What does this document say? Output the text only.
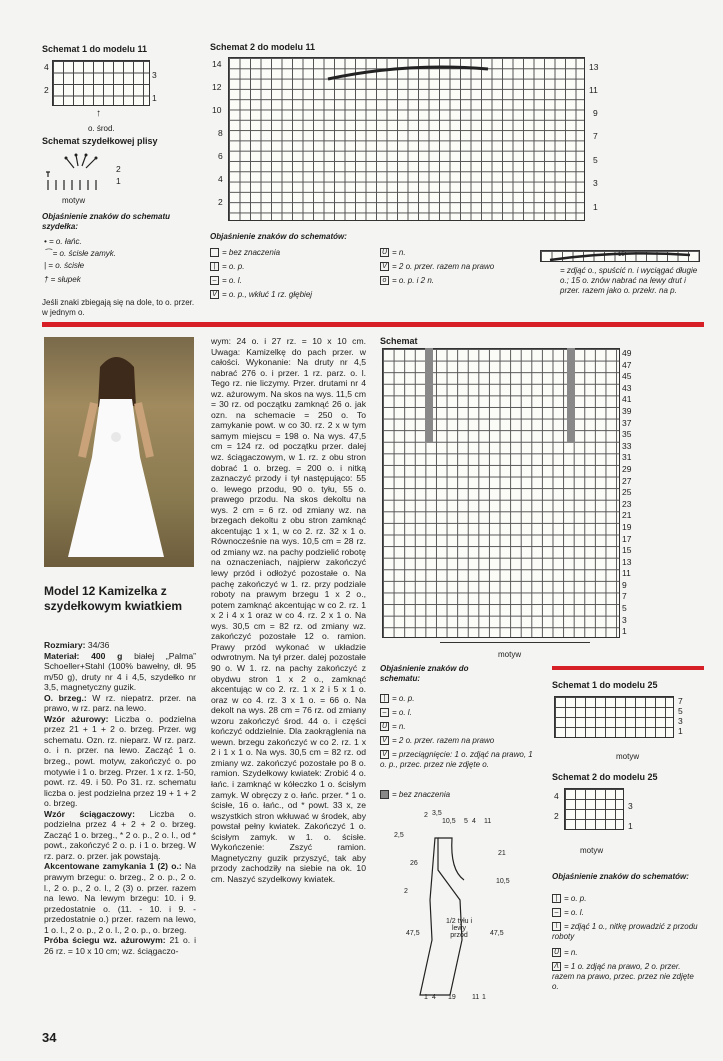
Schemat 1 do modelu 11
4
2
3
1
↑
o. środ.
Schemat szydełkowej plisy
2
1
motyw
Objaśnienie znaków do schematu szydełka:
• = o. łańc.
⁀ = o. ścisłe zamyk.
| = o. ścisłe
† = słupek
Jeśli znaki zbiegają się na dole, to o. przer. w jednym o.
Schemat 2 do modelu 11
14
12
10
8
6
4
2
13
11
9
7
5
3
1
Objaśnienie znaków do schematów:
= bez znaczenia
| = o. p.
– = o. l.
V = o. p., wkłuć 1 rz. głębiej
U = n.
V = 2 o. przer. razem na prawo
o = o. p. i 2 n.
15
= zdjąć o., spuścić n. i wyciągać długie o.; 15 o. znów nabrać na lewy drut i przer. razem jako o. przekr. na p.
Model 12 Kamizelka z szydełkowym kwiatkiem

Rozmiary: 34/36

Materiał: 400 g białej „Palma” Schoeller+Stahl (100% bawełny, dł. 95 m/50 g), druty nr 4 i 4,5, szydełko nr 3,5, magnetyczny guzik.

O. brzeg.: W rz. niepatrz. przer. na prawo, w rz. parz. na lewo.

Wzór ażurowy: Liczba o. podzielna przez 21 + 1 + 2 o. brzeg. Przer. wg schematu. Ozn. rz. nieparz. W rz. parz. o. i n. przer. na lewo. Zacząć 1 o. brzeg., powt. motyw, zakończyć o. po motywie i 1 o. brzeg. Przer. 1 x rz. 1-50, powt. rz. 49. i 50. Po 31. rz. schematu liczba o. jest podzielna przez 19 + 1 + 2 o. brzeg.

Wzór ściągaczowy: Liczba o. podzielna przez 4 + 2 + 2 o. brzeg. Zacząć 1 o. brzeg., * 2 o. p., 2 o. l., od * powt., zakończyć 2 o. p. i 1 o. brzeg. W rz. parz. o. przer. jak powstają.

Akcentowane zamykania 1 (2) o.: Na prawym brzegu: o. brzeg., 2 o. p., 2 o. l., 2 o. p., 2 o. l., 2 (3) o. przer. razem na lewo. Na lewym brzegu: 10. i 9. przedostatnie o. (11. - 10. i 9. - przedostatnie o.) przer. razem na lewo, 1 o. l., 2 o. p., 2 o. l., 2 o. p., o. brzeg.

Próba ściegu wz. ażurowym: 21 o. i 26 rz. = 10 x 10 cm; wz. ściągaczo-

wym: 24 o. i 27 rz. = 10 x 10 cm. Uwaga: Kamizelkę do pach przer. w całości. Wykonanie: Na druty nr 4,5 nabrać 276 o. i przer. 1 rz. parz. o. l. Tego rz. nie liczymy. Przer. drutami nr 4 wz. ażurowym. Na skos na wys. 11,5 cm = 30 rz. od początku zamknąć 26 o. jak ozn. na schemacie = 250 o. To zamykanie powt. w co 30. rz. 2 x w tym samym miejscu = 198 o. Na wys. 47,5 cm = 124 rz. od początku przer. dalej wz. ściągaczowym, w 1. rz. z obu stron dobrać 1 o. brzeg. = 200 o. i nitką zaznaczyć przody i tył następująco: 55 o. lewego przodu, 90 o. tyłu, 55 o. prawego przodu. Na skos dekoltu na wys. 2 cm = 6 rz. od zmiany wz. na brzegach dekoltu z obu stron zamknąć akcentując 1 x 1, w co 2. rz. 32 x 1 o. Równocześnie na wys. 10,5 cm = 28 rz. od zmiany wz. na pachy podzielić robotę na oznaczeniach, najpierw zakończyć lewy przód i odłożyć pozostałe o. Na pachę zakończyć w 1. rz. przy podziale roboty na prawym brzegu 1 x 2 o., potem zamknąć akcentując w co 2. rz. 1 x 2 i 4 x 1 oraz w co 4. rz. 2 x 1 o. Na wys. 30,5 cm = 82 rz. od zmiany wz. zakończyć pozostałe 12 o. ramion. Prawy przód wykonać w układzie odwrotnym. Na tył przer. dalej pozostałe 90 o. W 1. rz. na pachy zakończyć z obydwu stron 1 x 2 o., zamknąć akcentując w co 2. rz. 1 x 2 i 5 x 1 o. oraz w co 4. rz. 3 x 1 o. = 66 o. Na dekolt na wys. 28 cm = 76 rz. od zmiany wzoru zakończyć środ. 44 o. i części kończyć oddzielnie. Dla zaokrąglenia na wewn. brzegu zakończyć w co 2. rz. 1 x 2 i 1 x 1 o. Na wys. 30,5 cm = 82 rz. od zmiany wz. zakończyć pozostałe po 8 o. ramion. Szydełkowy kwiatek: Zrobić 4 o. łańc. i zamknąć w kółeczko 1 o. ścisłym zamyk. W obręczy z o. łańc. przer. * 1 o. ścisłe, 16 o. łańc., od * powt. 33 x, ze wszystkich stron wkłuwać w środek, aby powstał pełny kwiatek. Zakończyć 1 o. ścisłym zamyk. w 1. o. ścisłe. Wykończenie: Zszyć ramion. Magnetyczny guzik przyszyć, tak aby przody zachodziły na siebie na ok. 10 cm. Naszyć szydełkowy kwiatek.
Schemat
49
47
45
43
41
39
37
35
33
31
29
27
25
23
21
19
17
15
13
11
9
7
5
3
1
motyw
Objaśnienie znaków do schematu:
| = o. p.
– = o. l.
U = n.
V = 2 o. przer. razem na prawo
V = przeciągnięcie: 1 o. zdjąć na prawo, 1 o. p., przec. przez nie zdjęte o.
= bez znaczenia
2 3,5
10,5 5 4 11
2,5
26
21
2
10,5
47,5
1/2 tyłu i lewy przód	47,5
1 4 19 11 1
Schemat 1 do modelu 25
7
5
3
1
motyw
Schemat 2 do modelu 25
4
2
3
1
motyw
Objaśnienie znaków do schematów:
| = o. p.
– = o. l.
\ = zdjąć 1 o., nitkę prowadzić z przodu roboty
U = n.
Λ = 1 o. zdjąć na prawo, 2 o. przer. razem na prawo, przec. przez nie zdjęte o.
34
